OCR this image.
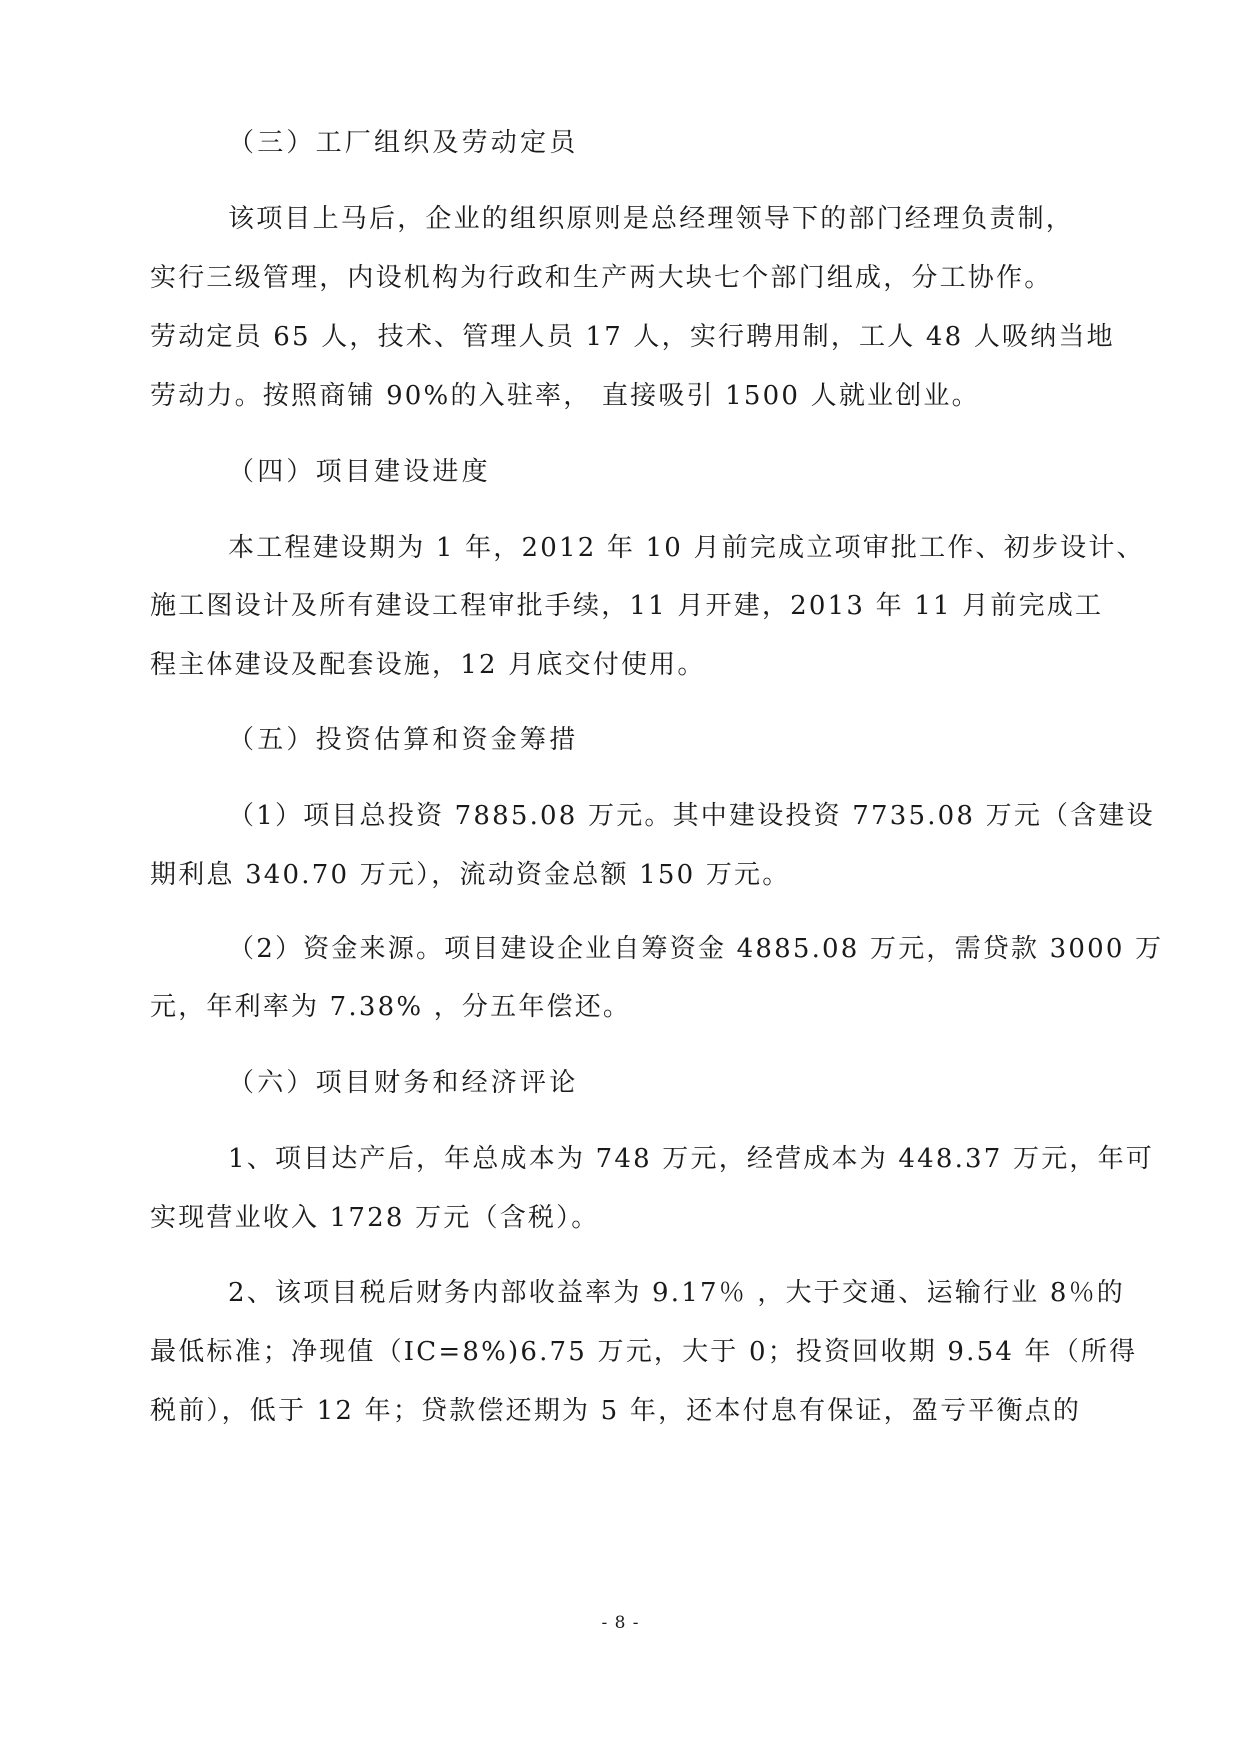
（三）工厂组织及劳动定员
该项目上马后，企业的组织原则是总经理领导下的部门经理负责制，
实行三级管理，内设机构为行政和生产两大块七个部门组成，分工协作。
劳动定员 65 人，技术、管理人员 17 人，实行聘用制，工人 48 人吸纳当地
劳动力。按照商铺 90%的入驻率， 直接吸引 1500 人就业创业。
（四）项目建设进度
本工程建设期为 1 年，2012 年 10 月前完成立项审批工作、初步设计、
施工图设计及所有建设工程审批手续，11 月开建，2013 年 11 月前完成工
程主体建设及配套设施，12 月底交付使用。
（五）投资估算和资金筹措
（1）项目总投资 7885.08 万元。其中建设投资 7735.08 万元（含建设
期利息 340.70 万元），流动资金总额 150 万元。
（2）资金来源。项目建设企业自筹资金 4885.08 万元，需贷款 3000 万
元，年利率为 7.38% ，分五年偿还。
（六）项目财务和经济评论
1、项目达产后，年总成本为 748 万元，经营成本为 448.37 万元，年可
实现营业收入 1728 万元（含税）。
2、该项目税后财务内部收益率为 9.17％ ，大于交通、运输行业 8％的
最低标准；净现值（IC=8%)6.75 万元，大于 0；投资回收期 9.54 年（所得
税前），低于 12 年；贷款偿还期为 5 年，还本付息有保证，盈亏平衡点的
- 8 -
